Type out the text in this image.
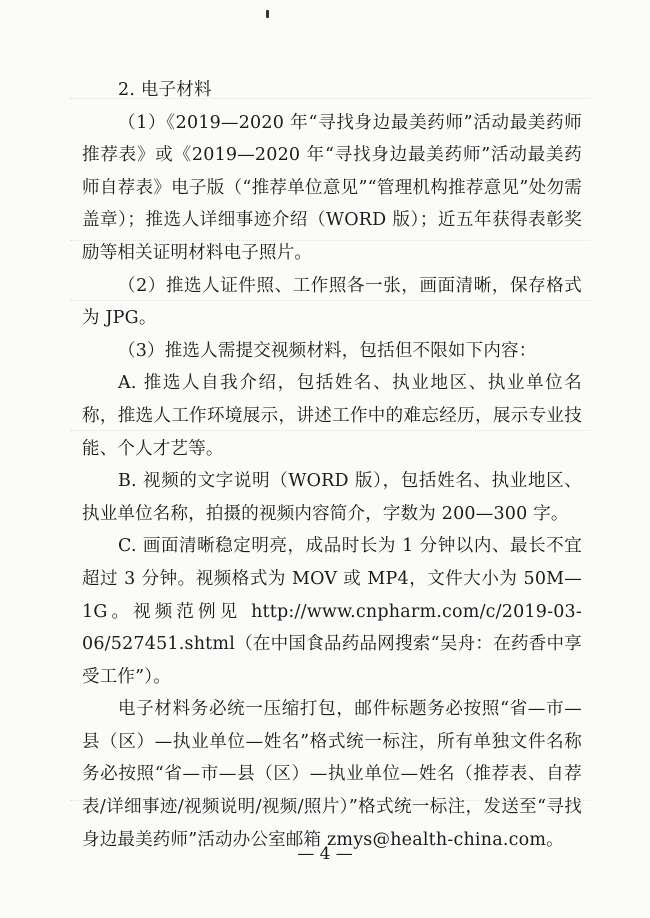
2. 电子材料

（1）《2019—2020 年“寻找身边最美药师”活动最美药师推荐表》或《2019—2020 年“寻找身边最美药师”活动最美药师自荐表》电子版（“推荐单位意见”“管理机构推荐意见”处勿需盖章）；推选人详细事迹介绍（WORD 版）；近五年获得表彰奖励等相关证明材料电子照片。

（2）推选人证件照、工作照各一张，画面清晰，保存格式为 JPG。

（3）推选人需提交视频材料，包括但不限如下内容：

A. 推选人自我介绍，包括姓名、执业地区、执业单位名称，推选人工作环境展示，讲述工作中的难忘经历，展示专业技能、个人才艺等。

B. 视频的文字说明（WORD 版），包括姓名、执业地区、执业单位名称，拍摄的视频内容简介，字数为 200—300 字。

C. 画面清晰稳定明亮，成品时长为 1 分钟以内、最长不宜超过 3 分钟。视频格式为 MOV 或 MP4，文件大小为 50M—1G。视频范例见 http://www.cnpharm.com/c/2019-03-06/527451.shtml（在中国食品药品网搜索“吴舟：在药香中享受工作”）。

电子材料务必统一压缩打包，邮件标题务必按照“省—市—县（区）—执业单位—姓名”格式统一标注，所有单独文件名称务必按照“省—市—县（区）—执业单位—姓名（推荐表、自荐表/详细事迹/视频说明/视频/照片）”格式统一标注，发送至“寻找身边最美药师”活动办公室邮箱 zmys@health-china.com。

— 4 —
